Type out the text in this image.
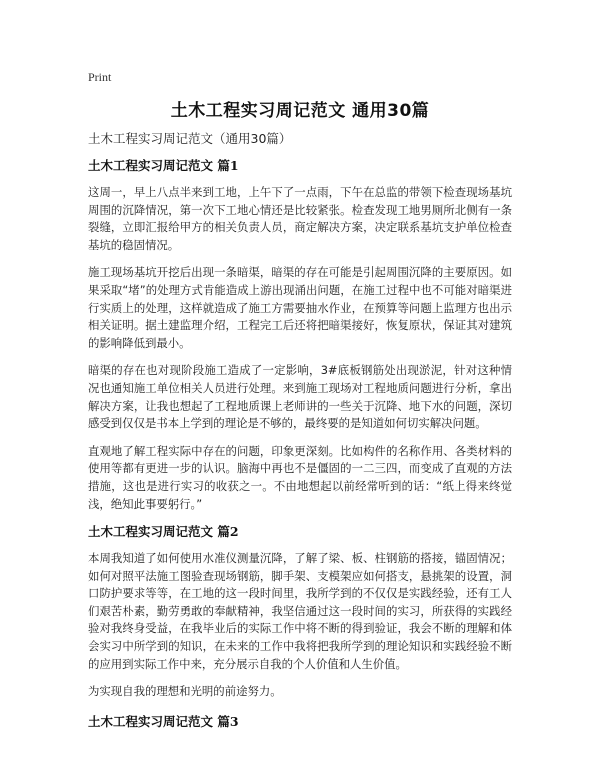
Print
土木工程实习周记范文 通用30篇

土木工程实习周记范文（通用30篇）

土木工程实习周记范文 篇1

这周一，早上八点半来到工地，上午下了一点雨，下午在总监的带领下检查现场基坑周围的沉降情况，第一次下工地心情还是比较紧张。检查发现工地男厕所北侧有一条裂缝，立即汇报给甲方的相关负责人员，商定解决方案，决定联系基坑支护单位检查基坑的稳固情况。

施工现场基坑开挖后出现一条暗渠，暗渠的存在可能是引起周围沉降的主要原因。如果采取“堵”的处理方式肯能造成上游出现涌出问题，在施工过程中也不可能对暗渠进行实质上的处理，这样就造成了施工方需要抽水作业，在预算等问题上监理方也出示相关证明。据土建监理介绍，工程完工后还将把暗渠接好，恢复原状，保证其对建筑的影响降低到最小。

暗渠的存在也对现阶段施工造成了一定影响，3#底板钢筋处出现淤泥，针对这种情况也通知施工单位相关人员进行处理。来到施工现场对工程地质问题进行分析，拿出解决方案，让我也想起了工程地质课上老师讲的一些关于沉降、地下水的问题，深切感受到仅仅是书本上学到的理论是不够的，最终要的是知道如何切实解决问题。

直观地了解工程实际中存在的问题，印象更深刻。比如构件的名称作用、各类材料的使用等都有更进一步的认识。脑海中再也不是僵固的一二三四，而变成了直观的方法措施，这也是进行实习的收获之一。不由地想起以前经常听到的话：“纸上得来终觉浅，绝知此事要躬行。”

土木工程实习周记范文 篇2

本周我知道了如何使用水准仪测量沉降，了解了梁、板、柱钢筋的搭接，锚固情况；如何对照平法施工图验查现场钢筋，脚手架、支模架应如何搭支，悬挑架的设置，洞口防护要求等等，在工地的这一段时间里，我所学到的不仅仅是实践经验，还有工人们艰苦朴素，勤劳勇敢的奉献精神，我坚信通过这一段时间的实习，所获得的实践经验对我终身受益，在我毕业后的实际工作中将不断的得到验证，我会不断的理解和体会实习中所学到的知识，在未来的工作中我将把我所学到的理论知识和实践经验不断的应用到实际工作中来，充分展示自我的个人价值和人生价值。

为实现自我的理想和光明的前途努力。

土木工程实习周记范文 篇3
